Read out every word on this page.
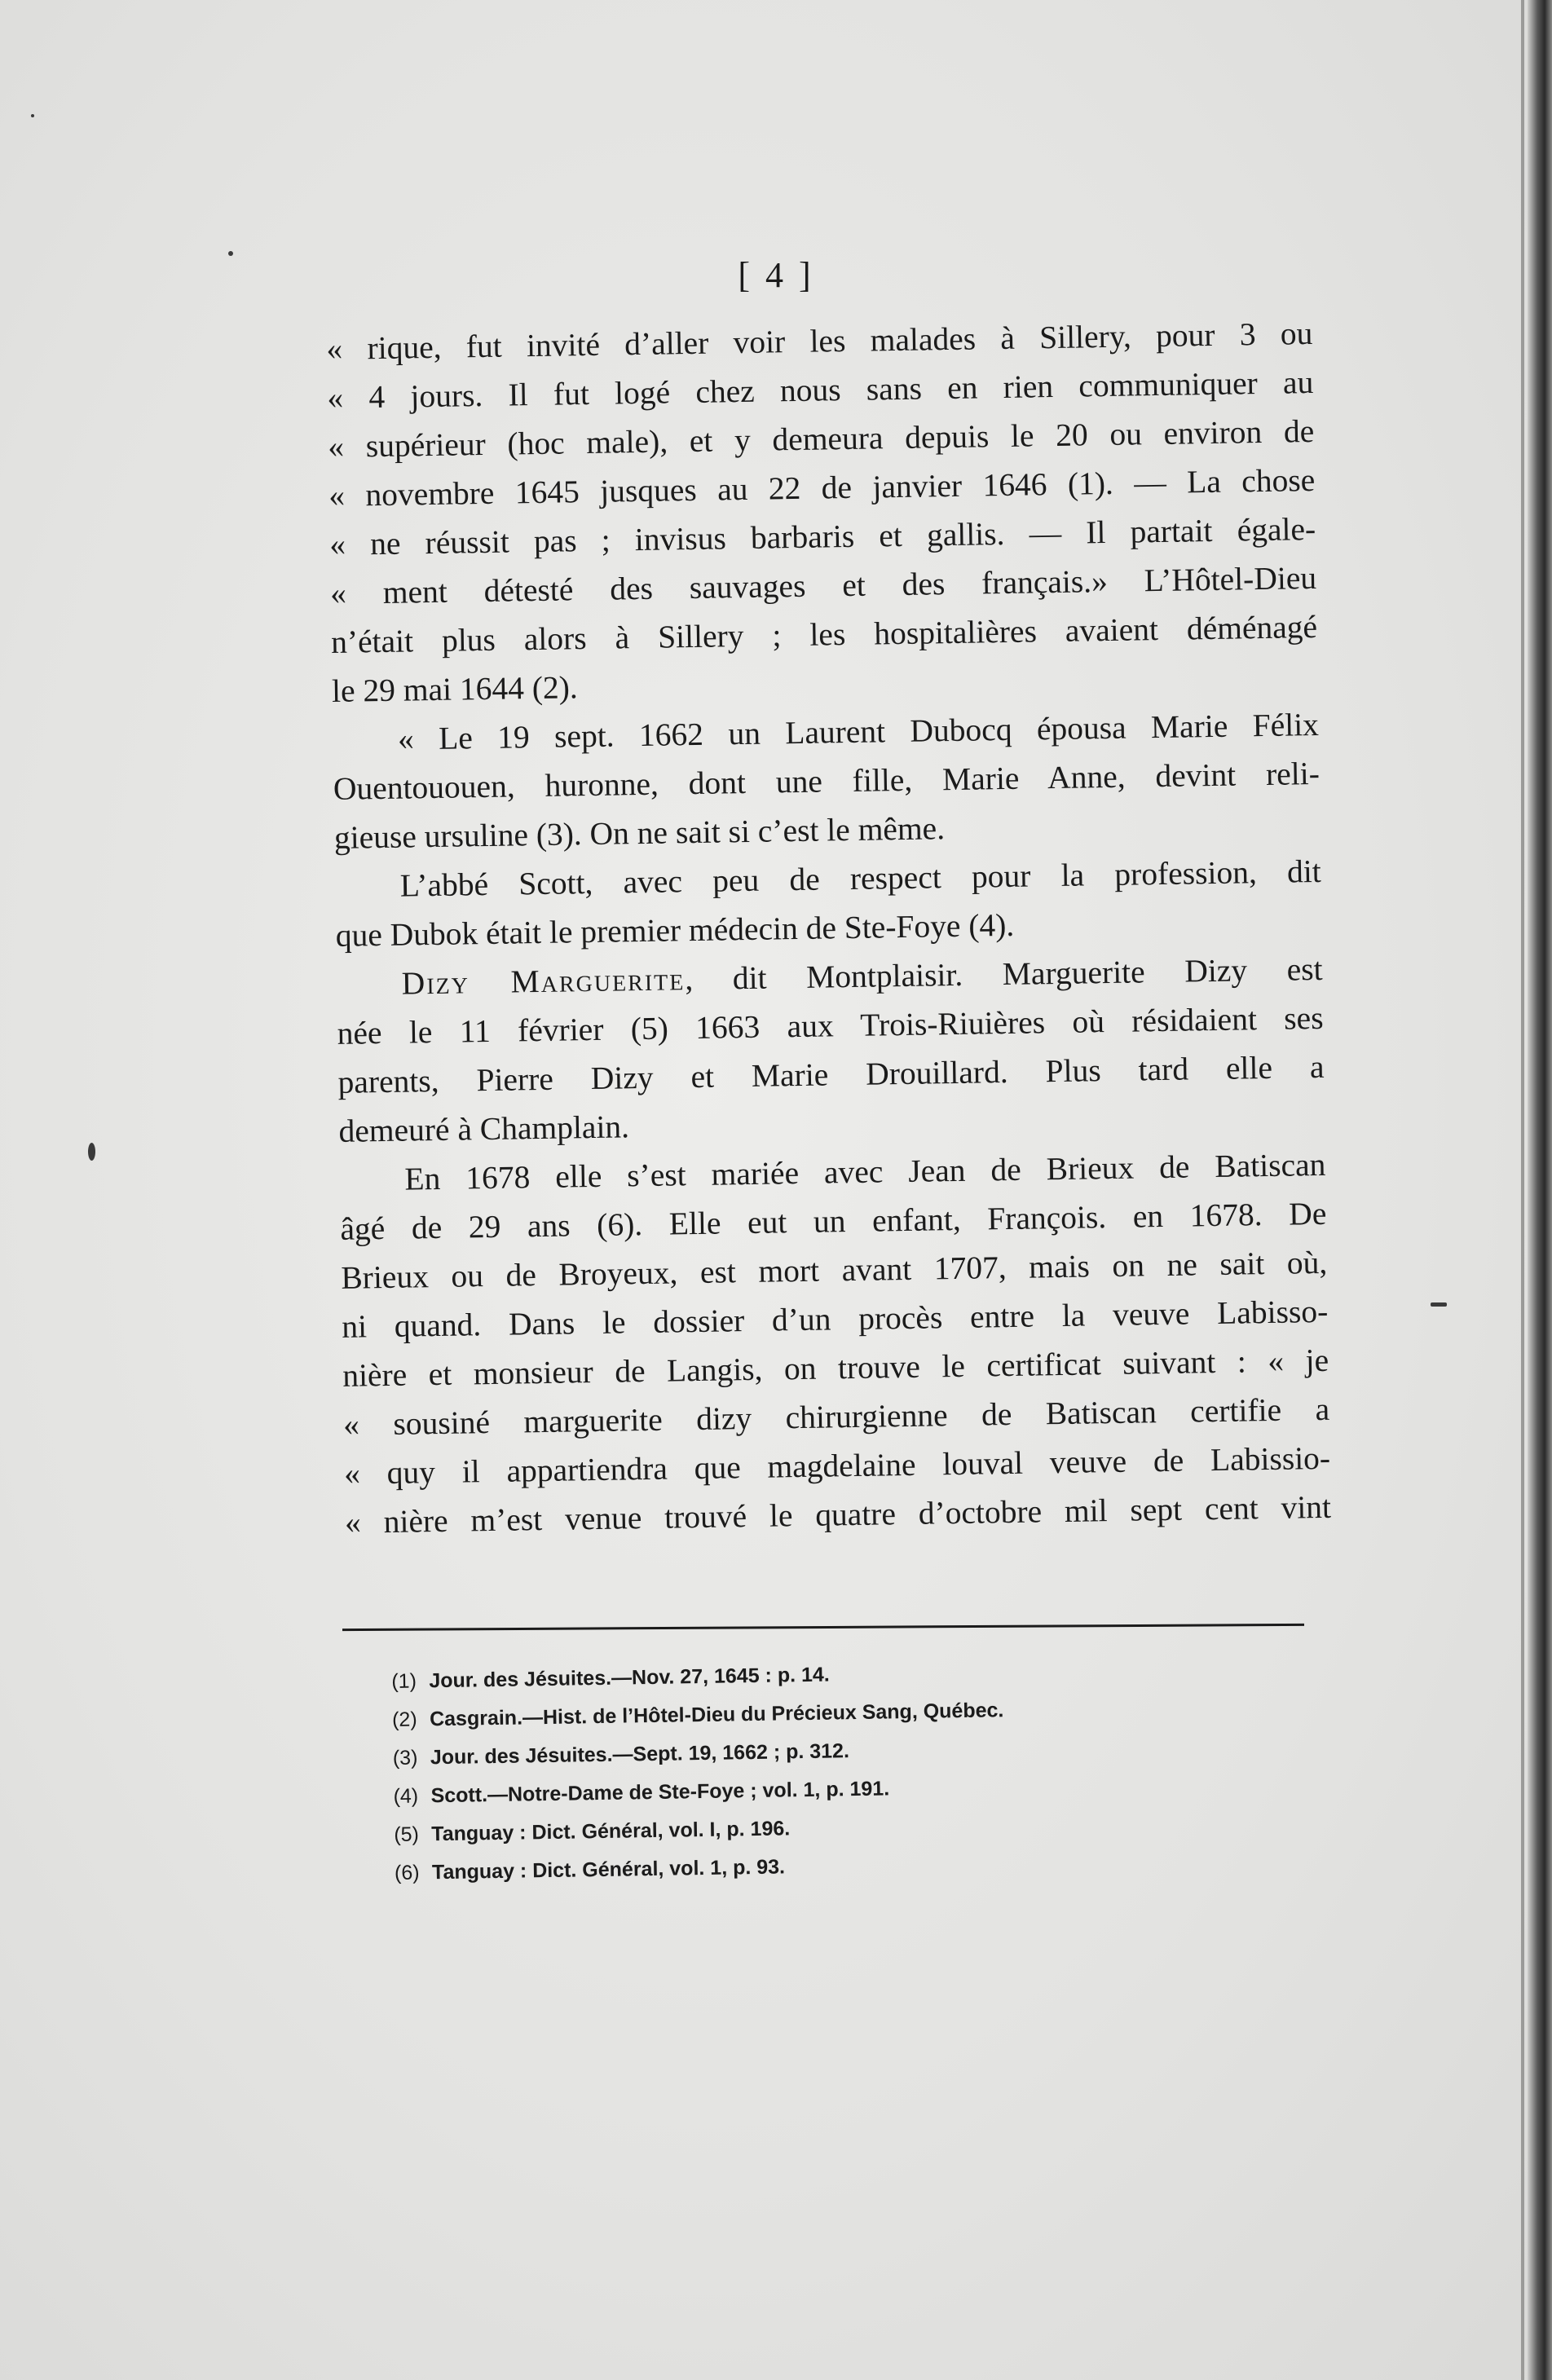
[ 4 ]
« rique, fut invité d’aller voir les malades à Sillery, pour 3 ou
« 4 jours. Il fut logé chez nous sans en rien communiquer au
« supérieur (hoc male), et y demeura depuis le 20 ou environ de
« novembre 1645 jusques au 22 de janvier 1646 (1). — La chose
« ne réussit pas ; invisus barbaris et gallis. — Il partait égale-
« ment détesté des sauvages et des français.» L’Hôtel-Dieu
n’était plus alors à Sillery ; les hospitalières avaient déménagé
le 29 mai 1644 (2).
« Le 19 sept. 1662 un Laurent Dubocq épousa Marie Félix
Ouentououen, huronne, dont une fille, Marie Anne, devint reli-
gieuse ursuline (3). On ne sait si c’est le même.
L’abbé Scott, avec peu de respect pour la profession, dit
que Dubok était le premier médecin de Ste-Foye (4).
Dizy Marguerite, dit Montplaisir. Marguerite Dizy est
née le 11 février (5) 1663 aux Trois-Riuières où résidaient ses
parents, Pierre Dizy et Marie Drouillard. Plus tard elle a
demeuré à Champlain.
En 1678 elle s’est mariée avec Jean de Brieux de Batiscan
âgé de 29 ans (6). Elle eut un enfant, François. en 1678. De
Brieux ou de Broyeux, est mort avant 1707, mais on ne sait où,
ni quand. Dans le dossier d’un procès entre la veuve Labisso-
nière et monsieur de Langis, on trouve le certificat suivant : « je
« sousiné marguerite dizy chirurgienne de Batiscan certifie a
« quy il appartiendra que magdelaine louval veuve de Labissio-
« nière m’est venue trouvé le quatre d’octobre mil sept cent vint
(1) Jour. des Jésuites.—Nov. 27, 1645 : p. 14.
(2) Casgrain.—Hist. de l’Hôtel-Dieu du Précieux Sang, Québec.
(3) Jour. des Jésuites.—Sept. 19, 1662 ; p. 312.
(4) Scott.—Notre-Dame de Ste-Foye ; vol. 1, p. 191.
(5) Tanguay : Dict. Général, vol. I, p. 196.
(6) Tanguay : Dict. Général, vol. 1, p. 93.
